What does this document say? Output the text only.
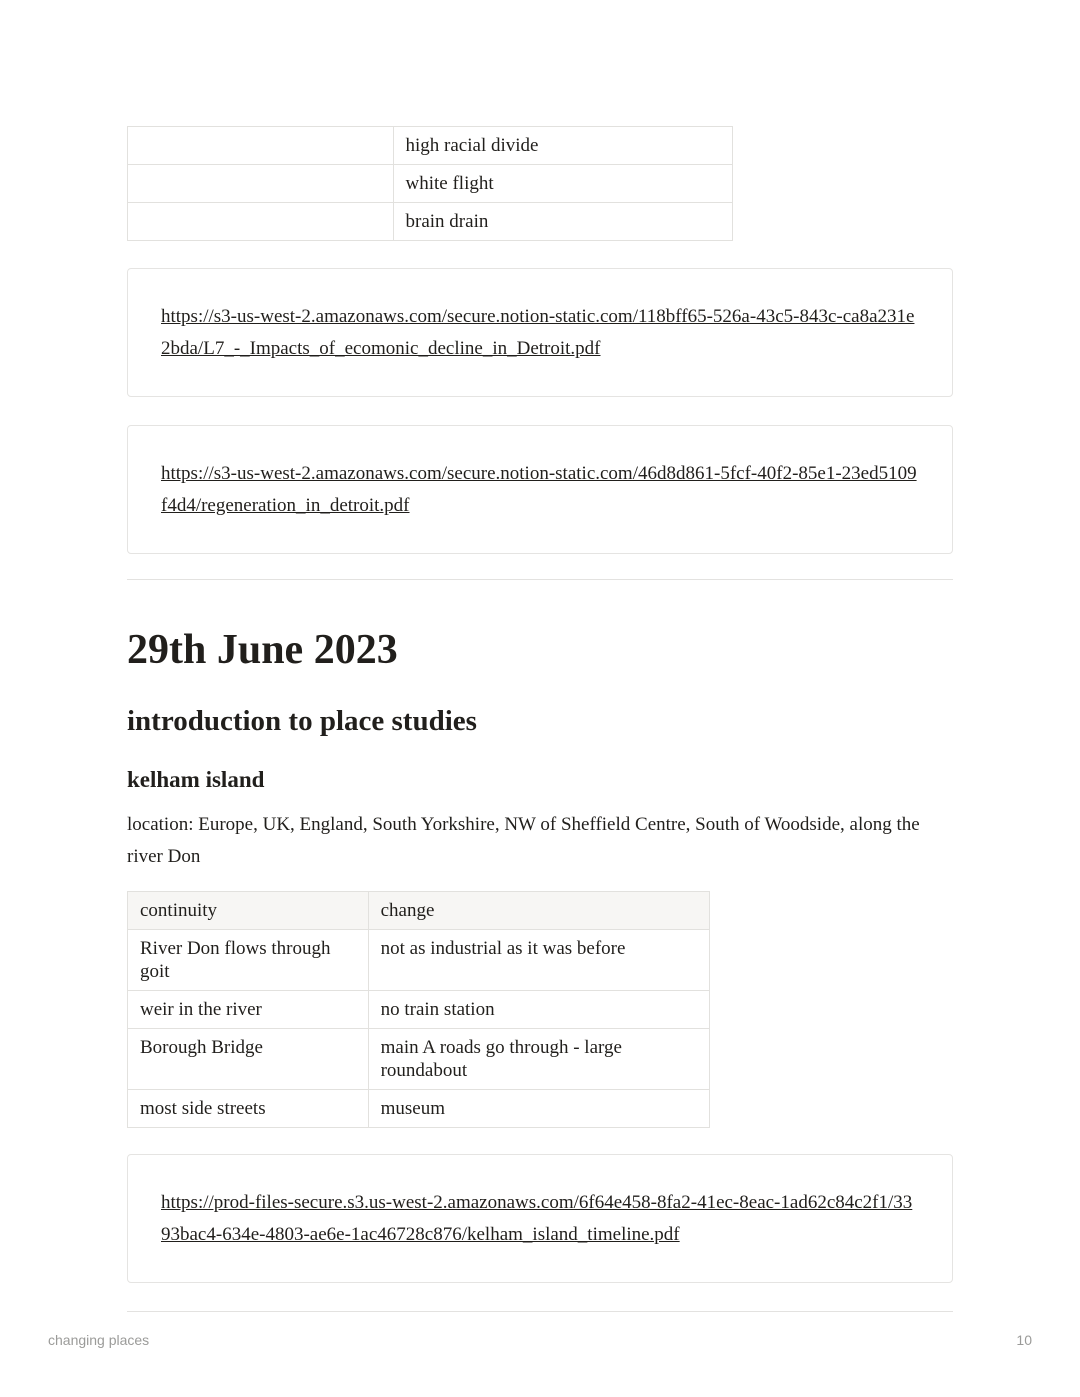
	high racial divide
	white flight
	brain drain
https://s3-us-west-2.amazonaws.com/secure.notion-static.com/118bff65-526a-43c5-843c-ca8a231e2bda/L7_-_Impacts_of_ecomonic_decline_in_Detroit.pdf
https://s3-us-west-2.amazonaws.com/secure.notion-static.com/46d8d861-5fcf-40f2-85e1-23ed5109f4d4/regeneration_in_detroit.pdf
29th June 2023
introduction to place studies
kelham island

location: Europe, UK, England, South Yorkshire, NW of Sheffield Centre, South of Woodside, along the river Don

continuity	change
River Don flows through goit	not as industrial as it was before
weir in the river	no train station
Borough Bridge	main A roads go through - large roundabout
most side streets	museum
https://prod-files-secure.s3.us-west-2.amazonaws.com/6f64e458-8fa2-41ec-8eac-1ad62c84c2f1/3393bac4-634e-4803-ae6e-1ac46728c876/kelham_island_timeline.pdf
changing places	10
